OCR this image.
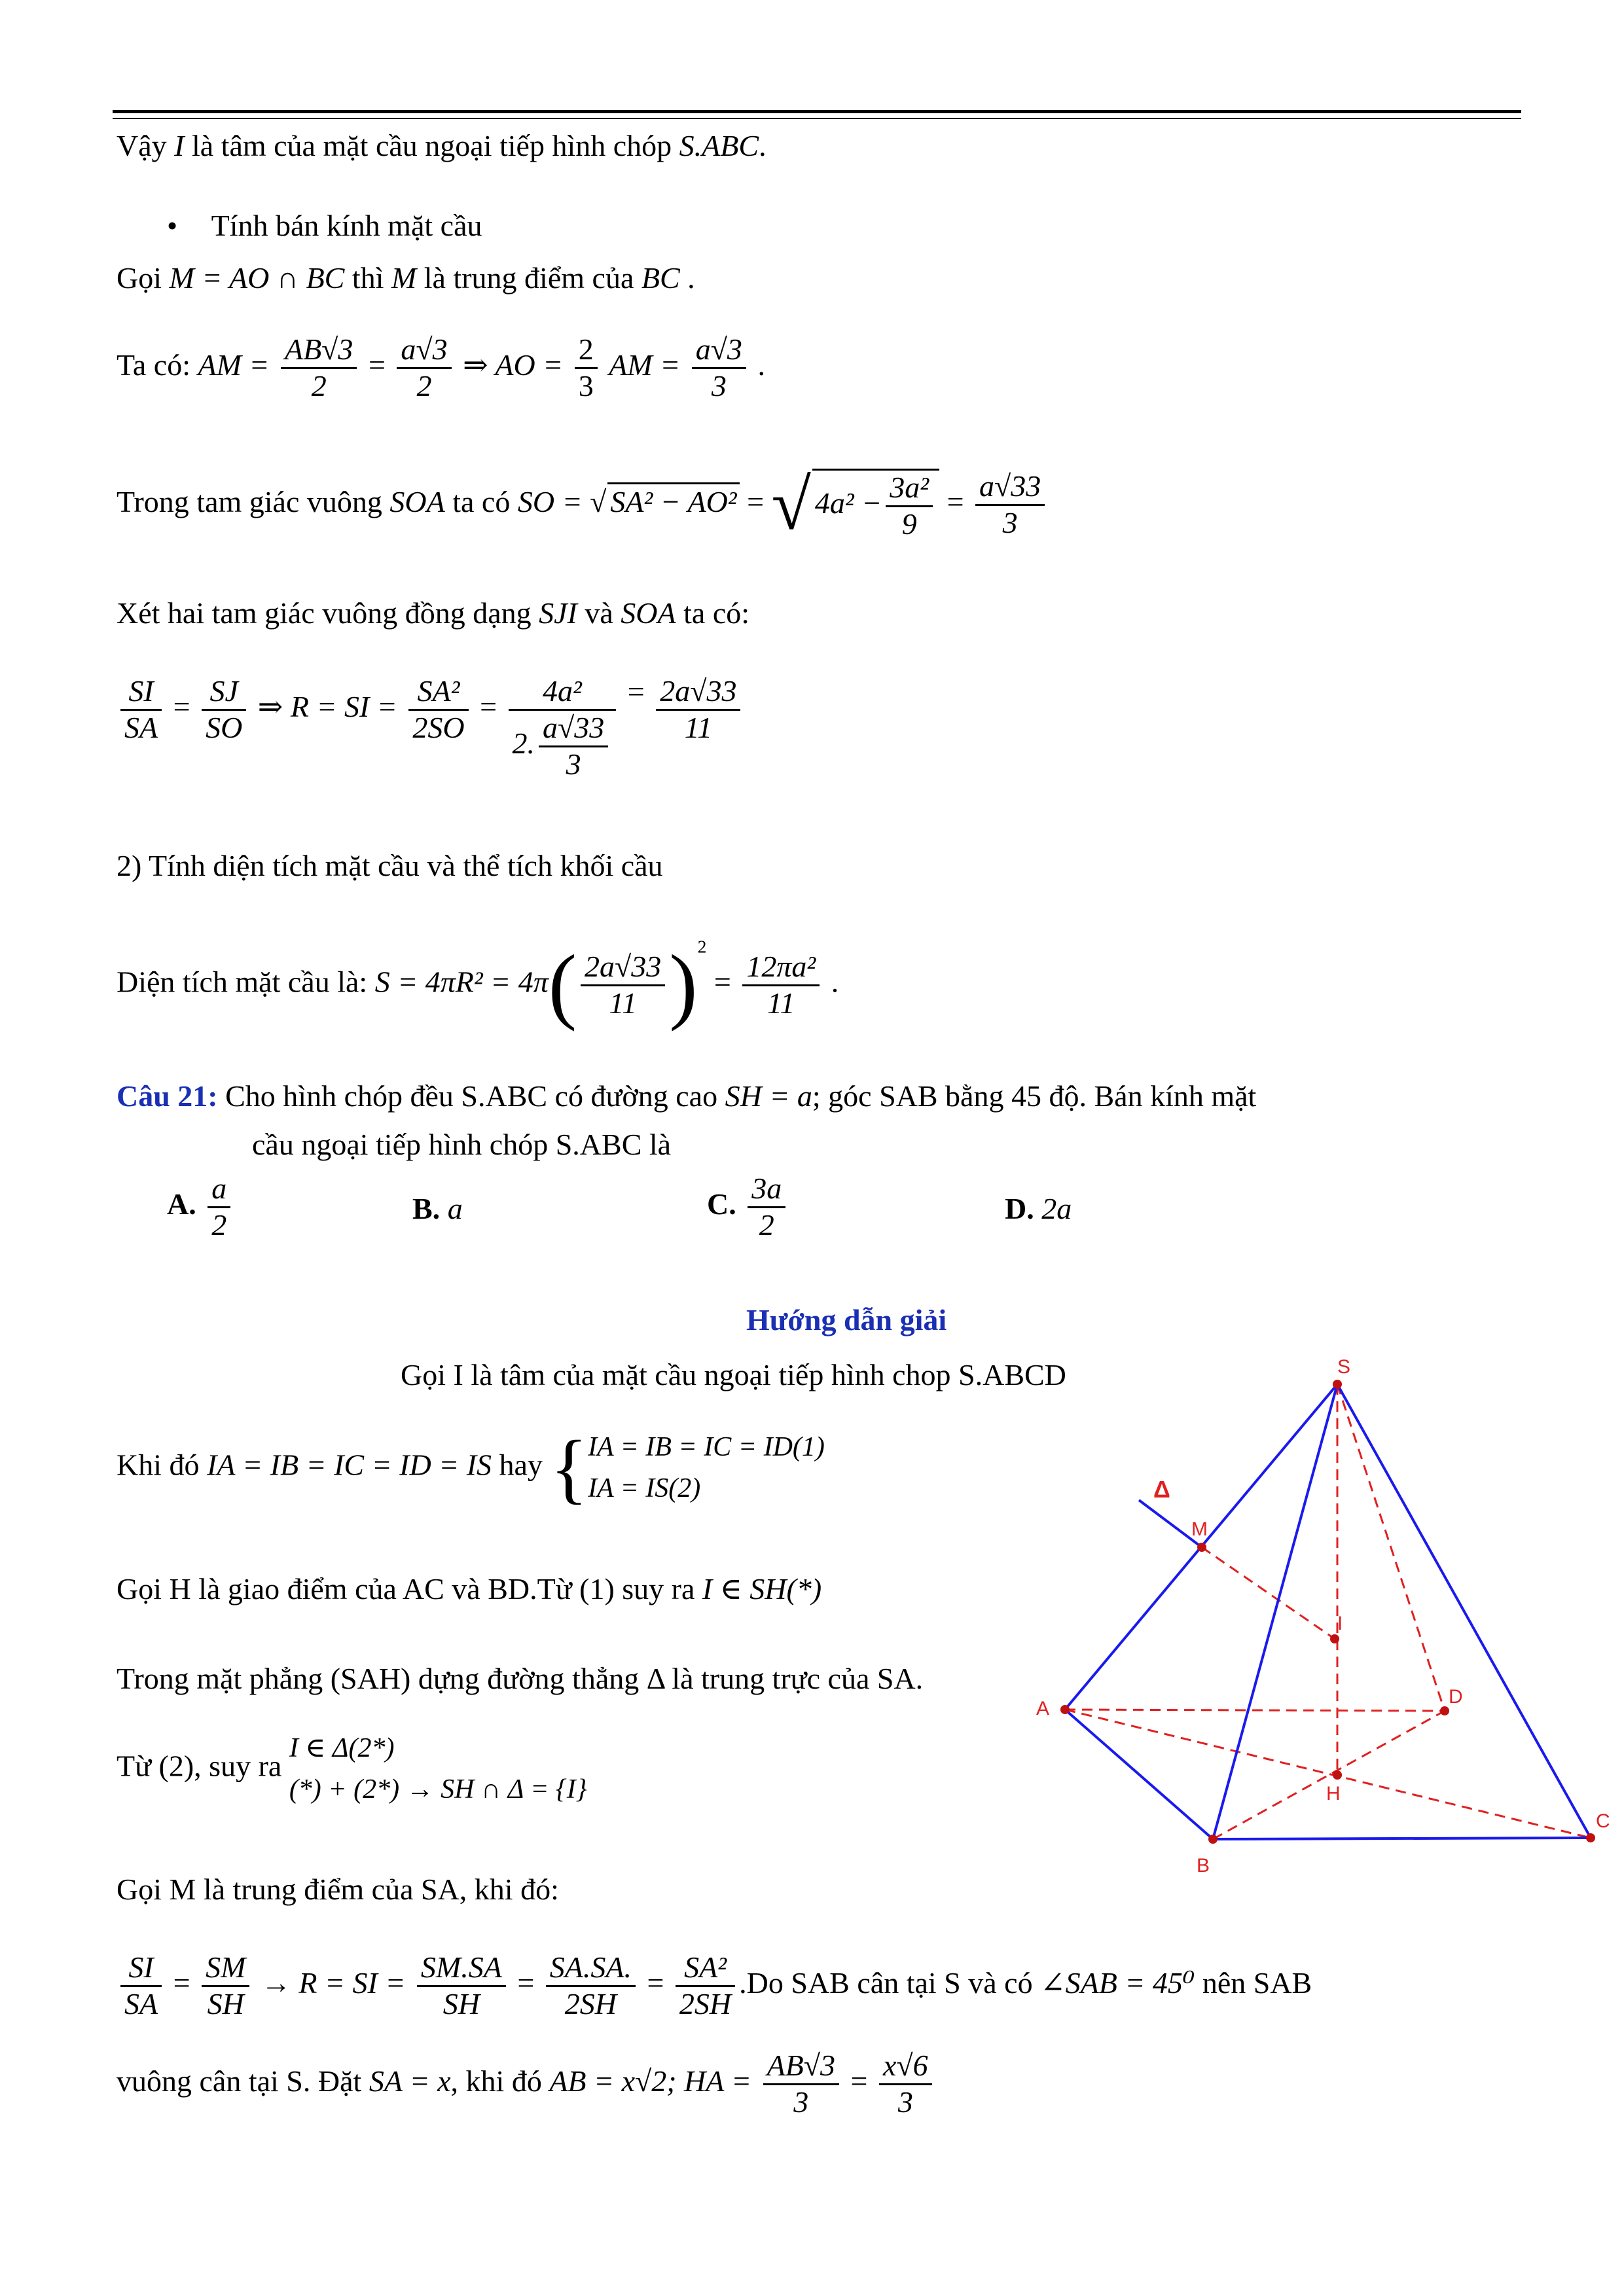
Vậy I là tâm của mặt cầu ngoại tiếp hình chóp S.ABC.
• Tính bán kính mặt cầu
Gọi M = AO ∩ BC thì M là trung điểm của BC .
Ta có: AM = $\frac{AB√3}{2} = \frac{a√3}{2}$ ⇒ AO = $\frac{2}{3}$ AM = $\frac{a√3}{3}$ .
Trong tam giác vuông SOA ta có SO = √ SA² − AO² = √ $4a^2 - \frac{\text{3a²}}{9} = \frac{a√33}{3}$
Xét hai tam giác vuông đồng dạng SJI và SOA ta có:
$\frac{SI}{SA} = \frac{SJ}{SO}$ ⇒ R = SI = $\frac{\text{SA²}}{2SO} = \frac{\text{4a²}}{2. \frac{a√33}{3}} = \frac{2a√33}{11}$
2) Tính diện tích mặt cầu và thể tích khối cầu
Diện tích mặt cầu là: $S = 4\pi R^2 = 4\pi( \frac{2a√33}{11} )^2 = \frac{\text{12πa²}}{11}$ .
Câu 21: Cho hình chóp đều S.ABC có đường cao SH = a; góc SAB bằng 45 độ. Bán kính mặt
cầu ngoại tiếp hình chóp S.ABC là
A. $\frac{a}{2}$	B. a	C. $\frac{3a}{2}$	D. 2a
Hướng dẫn giải
Gọi I là tâm của mặt cầu ngoại tiếp hình chop S.ABCD
Khi đó IA = IB = IC = ID = IS hay { IA = IB = IC = ID(1)
IA = IS(2)
Gọi H là giao điểm của AC và BD.Từ (1) suy ra I ∈ SH(*)
Trong mặt phẳng (SAH) dựng đường thẳng Δ là trung trực của SA.
Từ (2), suy ra
I ∈ Δ(2*)
(*) + (2*) → SH ∩ Δ = {I}
Gọi M là trung điểm của SA, khi đó:
$\frac{SI}{SA} = \frac{SM}{SH} \to R$ = SI = $\frac{SM.SA}{SH} = \frac{SA.SA.}{2SH} = \frac{\text{SA²}}{2SH} .Do$ SAB cân tại S và có ∠SAB = 45⁰ nên SAB
vuông cân tại S. Đặt SA = x, khi đó AB = x√2; HA = $\frac{AB√3}{3} = \frac{x√6}{3}$
S
A
B
C
D
H
I
M
Δ
